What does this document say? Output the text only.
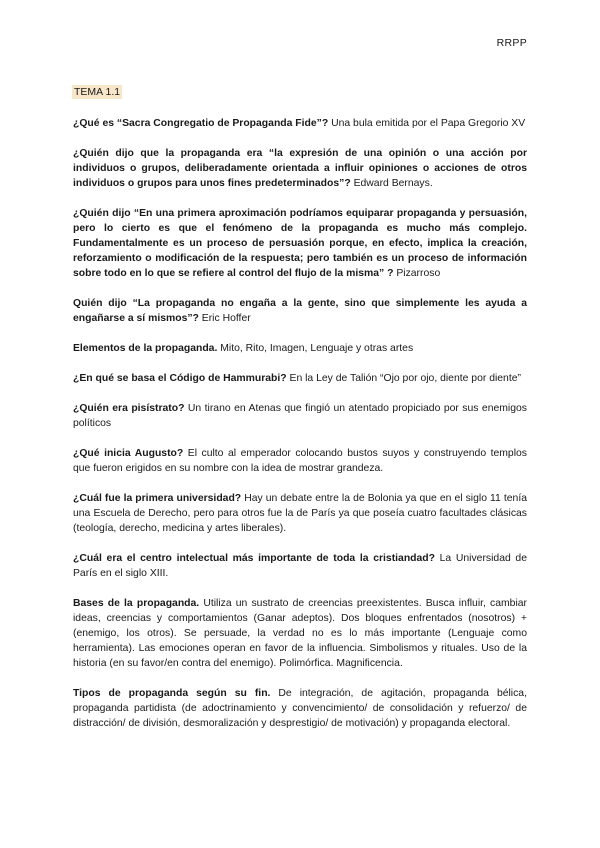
RRPP
TEMA 1.1

¿Qué es “Sacra Congregatio de Propaganda Fide”? Una bula emitida por el Papa Gregorio XV

¿Quién dijo que la propaganda era “la expresión de una opinión o una acción por individuos o grupos, deliberadamente orientada a influir opiniones o acciones de otros individuos o grupos para unos fines predeterminados”? Edward Bernays.

¿Quién dijo “En una primera aproximación podríamos equiparar propaganda y persuasión, pero lo cierto es que el fenómeno de la propaganda es mucho más complejo. Fundamentalmente es un proceso de persuasión porque, en efecto, implica la creación, reforzamiento o modificación de la respuesta; pero también es un proceso de información sobre todo en lo que se refiere al control del flujo de la misma” ? Pizarroso

Quién dijo “La propaganda no engaña a la gente, sino que simplemente les ayuda a engañarse a sí mismos”? Eric Hoffer

Elementos de la propaganda. Mito, Rito, Imagen, Lenguaje y otras artes

¿En qué se basa el Código de Hammurabi? En la Ley de Talión “Ojo por ojo, diente por diente”

¿Quién era pisístrato? Un tirano en Atenas que fingió un atentado propiciado por sus enemigos políticos

¿Qué inicia Augusto? El culto al emperador colocando bustos suyos y construyendo templos que fueron erigidos en su nombre con la idea de mostrar grandeza.

¿Cuál fue la primera universidad? Hay un debate entre la de Bolonia ya que en el siglo 11 tenía una Escuela de Derecho, pero para otros fue la de París ya que poseía cuatro facultades clásicas (teología, derecho, medicina y artes liberales).

¿Cuál era el centro intelectual más importante de toda la cristiandad? La Universidad de París en el siglo XIII.

Bases de la propaganda. Utiliza un sustrato de creencias preexistentes. Busca influir, cambiar ideas, creencias y comportamientos (Ganar adeptos). Dos bloques enfrentados (nosotros) + (enemigo, los otros). Se persuade, la verdad no es lo más importante (Lenguaje como herramienta). Las emociones operan en favor de la influencia. Simbolismos y rituales. Uso de la historia (en su favor/en contra del enemigo). Polimórfica. Magnificencia.

Tipos de propaganda según su fin. De integración, de agitación, propaganda bélica, propaganda partidista (de adoctrinamiento y convencimiento/ de consolidación y refuerzo/ de distracción/ de división, desmoralización y desprestigio/ de motivación) y propaganda electoral.
